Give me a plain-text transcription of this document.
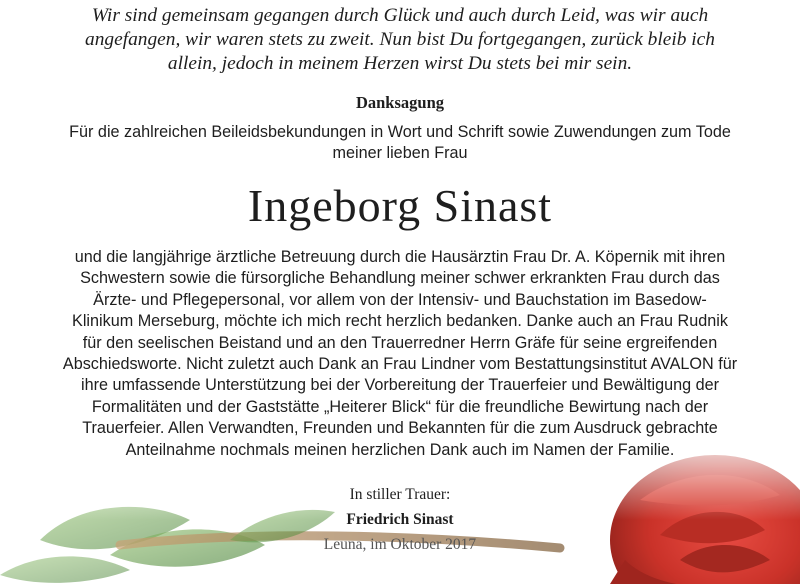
Wir sind gemeinsam gegangen durch Glück und auch durch Leid, was wir auch
angefangen, wir waren stets zu zweit. Nun bist Du fortgegangen, zurück bleib ich
allein, jedoch in meinem Herzen wirst Du stets bei mir sein.
Danksagung
Für die zahlreichen Beileidsbekundungen in Wort und Schrift sowie Zuwendungen zum Tode
meiner lieben Frau
Ingeborg Sinast
und die langjährige ärztliche Betreuung durch die Hausärztin Frau Dr. A. Köpernik mit ihren
Schwestern sowie die fürsorgliche Behandlung meiner schwer erkrankten Frau durch das
Ärzte- und Pflegepersonal, vor allem von der Intensiv- und Bauchstation im Basedow-
Klinikum Merseburg, möchte ich mich recht herzlich bedanken. Danke auch an Frau Rudnik
für den seelischen Beistand und an den Trauerredner Herrn Gräfe für seine ergreifenden
Abschiedsworte. Nicht zuletzt auch Dank an Frau Lindner vom Bestattungsinstitut AVALON für
ihre umfassende Unterstützung bei der Vorbereitung der Trauerfeier und Bewältigung der
Formalitäten und der Gaststätte „Heiterer Blick“ für die freundliche Bewirtung nach der
Trauerfeier. Allen Verwandten, Freunden und Bekannten für die zum Ausdruck gebrachte
Anteilnahme nochmals meinen herzlichen Dank auch im Namen der Familie.
In stiller Trauer:
Friedrich Sinast
Leuna, im Oktober 2017
